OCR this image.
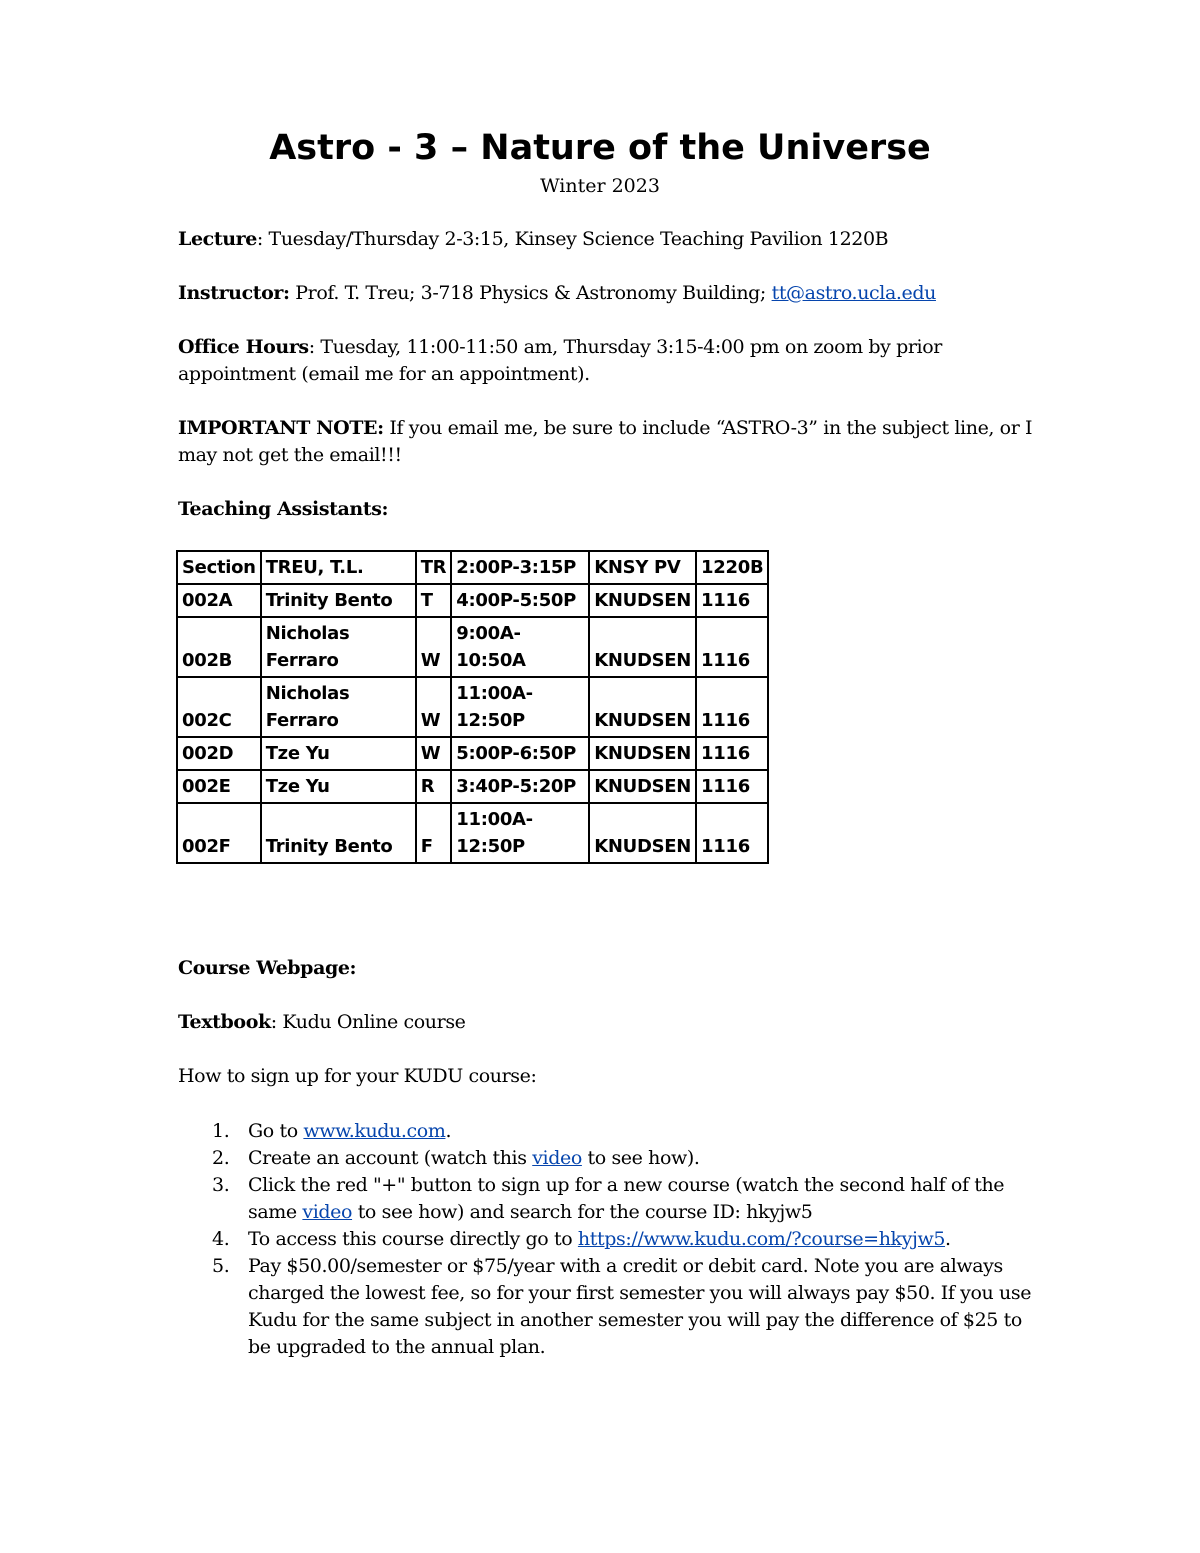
Astro - 3 – Nature of the Universe
Winter 2023

Lecture: Tuesday/Thursday 2-3:15, Kinsey Science Teaching Pavilion 1220B

Instructor: Prof. T. Treu; 3-718 Physics & Astronomy Building; tt@astro.ucla.edu

Office Hours: Tuesday, 11:00-11:50 am, Thursday 3:15-4:00 pm on zoom by prior appointment (email me for an appointment).

IMPORTANT NOTE: If you email me, be sure to include “ASTRO-3” in the subject line, or I may not get the email!!!

Teaching Assistants:

Section	TREU, T.L.	TR	2:00P-3:15P	KNSY PV	1220B
002A	Trinity Bento	T	4:00P-5:50P	KNUDSEN	1116
002B	Nicholas Ferraro	W	9:00A-10:50A	KNUDSEN	1116
002C	Nicholas Ferraro	W	11:00A-12:50P	KNUDSEN	1116
002D	Tze Yu	W	5:00P-6:50P	KNUDSEN	1116
002E	Tze Yu	R	3:40P-5:20P	KNUDSEN	1116
002F	Trinity Bento	F	11:00A-12:50P	KNUDSEN	1116

Course Webpage:

Textbook: Kudu Online course

How to sign up for your KUDU course:

1. Go to www.kudu.com.
2. Create an account (watch this video to see how).
3. Click the red "+" button to sign up for a new course (watch the second half of the same video to see how) and search for the course ID: hkyjw5
4. To access this course directly go to https://www.kudu.com/?course=hkyjw5.
5. Pay $50.00/semester or $75/year with a credit or debit card. Note you are always charged the lowest fee, so for your first semester you will always pay $50. If you use Kudu for the same subject in another semester you will pay the difference of $25 to be upgraded to the annual plan.
